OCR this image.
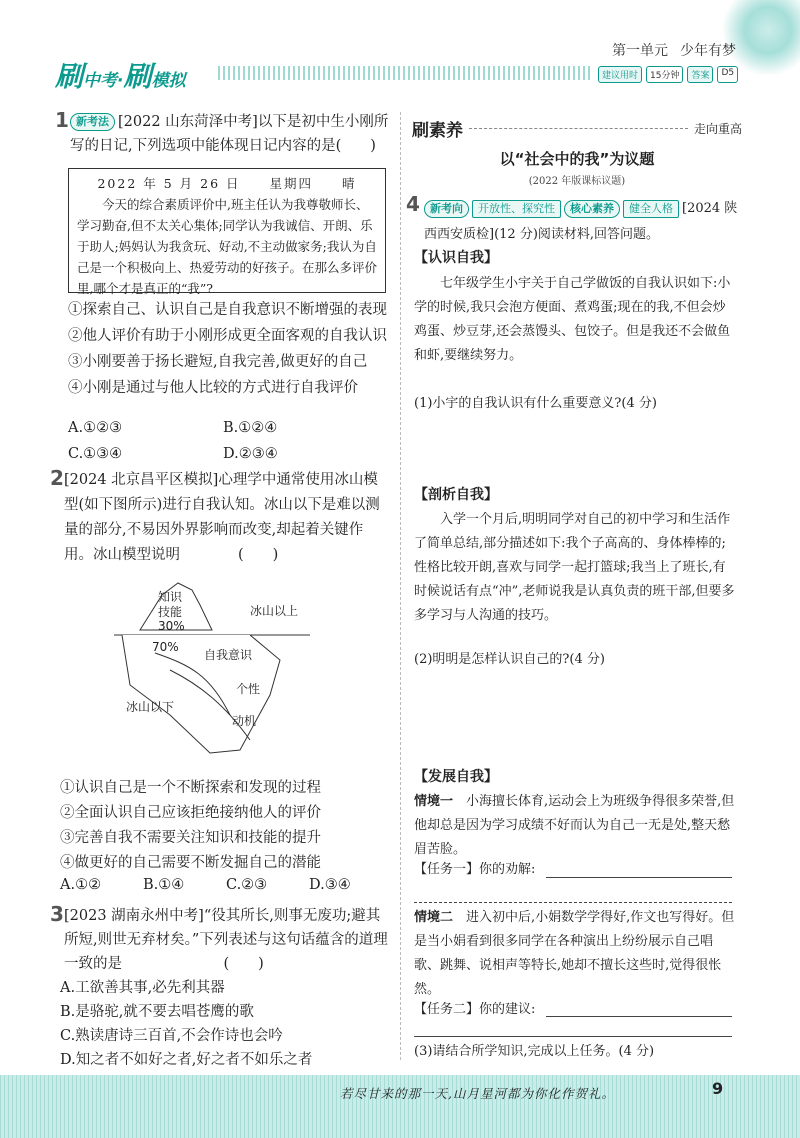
刷中考·刷模拟
第一单元 少年有梦
建议用时	15分钟	答案	D5
1 新考法 [2022 山东菏泽中考]以下是初中生小刚所写的日记,下列选项中能体现日记内容的是(　　)
2022 年 5 月 26 日　　星期四　　晴
今天的综合素质评价中,班主任认为我尊敬师长、学习勤奋,但不太关心集体;同学认为我诚信、开朗、乐于助人;妈妈认为我贪玩、好动,不主动做家务;我认为自己是一个积极向上、热爱劳动的好孩子。在那么多评价里,哪个才是真正的“我”?
①探索自己、认识自己是自我意识不断增强的表现　②他人评价有助于小刚形成更全面客观的自我认识　③小刚要善于扬长避短,自我完善,做更好的自己　④小刚是通过与他人比较的方式进行自我评价
A.①②③	B.①②④
C.①③④	D.②③④
2 [2024 北京昌平区模拟]心理学中通常使用冰山模型(如下图所示)进行自我认知。冰山以下是难以测量的部分,不易因外界影响而改变,却起着关键作用。冰山模型说明　　　　(　　)
知识
技能	冰山以上
30%
70%
自我意识
个性
冰山以下
动机
①认识自己是一个不断探索和发现的过程
②全面认识自己应该拒绝接纳他人的评价
③完善自我不需要关注知识和技能的提升
④做更好的自己需要不断发掘自己的潜能
A.①②	B.①④	C.②③	D.③④
3 [2023 湖南永州中考]“役其所长,则事无废功;避其所短,则世无弃材矣。”下列表述与这句话蕴含的道理一致的是　　　　　　　(　　)
A.工欲善其事,必先利其器
B.是骆驼,就不要去唱苍鹰的歌
C.熟读唐诗三百首,不会作诗也会吟
D.知之者不如好之者,好之者不如乐之者
刷素养	走向重高
以“社会中的我”为议题
(2022 年版课标议题)
4 新考向 开放性、探究性 核心素养 健全人格 [2024 陕西西安质检](12 分)阅读材料,回答问题。
【认识自我】
七年级学生小宇关于自己学做饭的自我认识如下:小学的时候,我只会泡方便面、煮鸡蛋;现在的我,不但会炒鸡蛋、炒豆芽,还会蒸馒头、包饺子。但是我还不会做鱼和虾,要继续努力。
(1)小宇的自我认识有什么重要意义?(4 分)
【剖析自我】
入学一个月后,明明同学对自己的初中学习和生活作了简单总结,部分描述如下:我个子高高的、身体棒棒的;性格比较开朗,喜欢与同学一起打篮球;我当上了班长,有时候说话有点“冲”,老师说我是认真负责的班干部,但要多多学习与人沟通的技巧。
(2)明明是怎样认识自己的?(4 分)
【发展自我】
情境一　 小海擅长体育,运动会上为班级争得很多荣誉,但他却总是因为学习成绩不好而认为自己一无是处,整天愁眉苦脸。
【任务一】你的劝解:
情境二　 进入初中后,小娟数学学得好,作文也写得好。但是当小娟看到很多同学在各种演出上纷纷展示自己唱歌、跳舞、说相声等特长,她却不擅长这些时,觉得很怅然。
【任务二】你的建议:
(3)请结合所学知识,完成以上任务。(4 分)
若尽甘来的那一天,山月星河都为你化作贺礼。	9
